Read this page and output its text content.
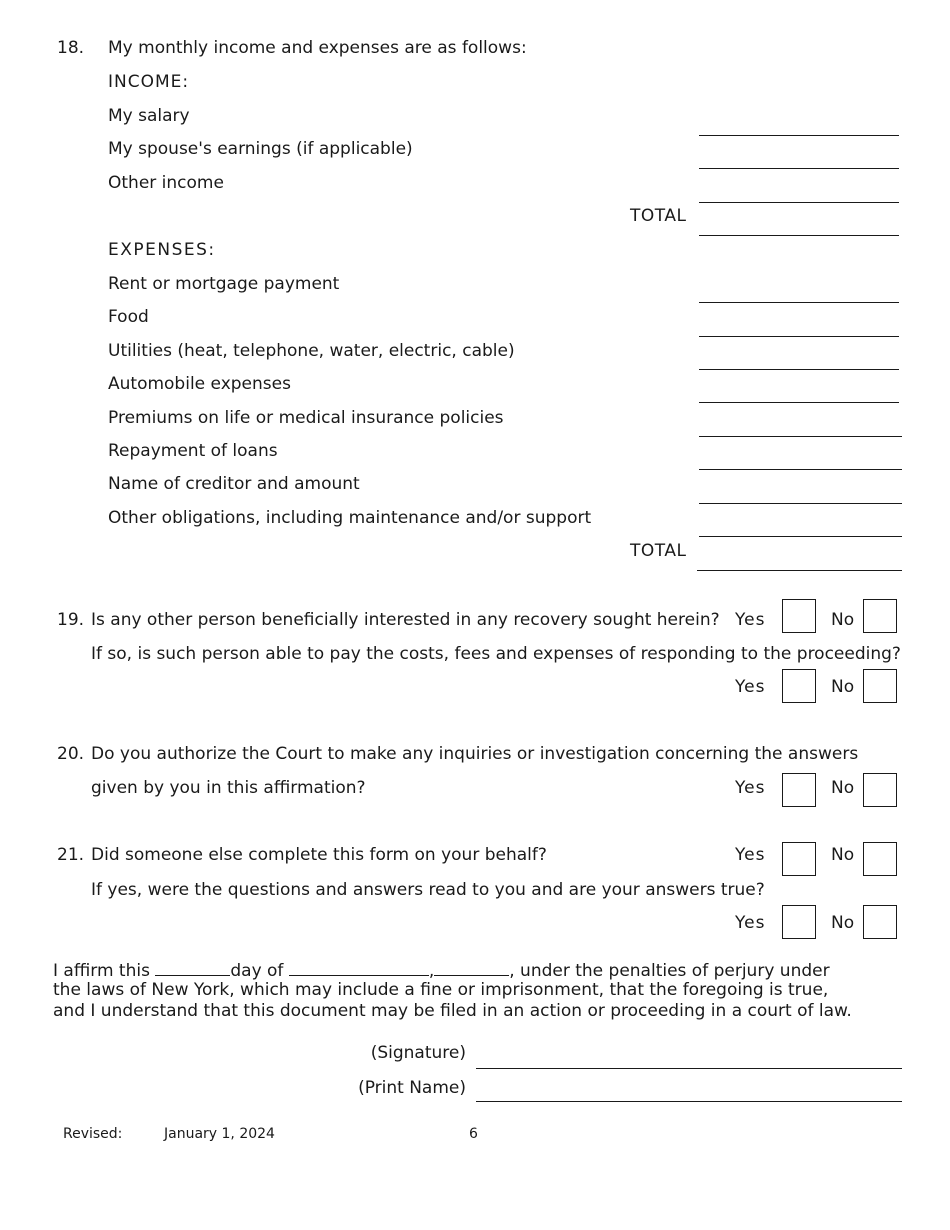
18. My monthly income and expenses are as follows:
INCOME:
My salary
My spouse's earnings (if applicable)
Other income
TOTAL
EXPENSES:
Rent or mortgage payment
Food
Utilities (heat, telephone, water, electric, cable)
Automobile expenses
Premiums on life or medical insurance policies
Repayment of loans
Name of creditor and amount
Other obligations, including maintenance and/or support
TOTAL
19. Is any other person beneficially interested in any recovery sought herein? Yes	No
If so, is such person able to pay the costs, fees and expenses of responding to the proceeding?
Yes	No
20. Do you authorize the Court to make any inquiries or investigation concerning the answers
given by you in this affirmation?	Yes	No
21. Did someone else complete this form on your behalf?	Yes	No
If yes, were the questions and answers read to you and are your answers true?
Yes	No
I affirm this	day of	,	, under the penalties of perjury under
the laws of New York, which may include a fine or imprisonment, that the foregoing is true,
and I understand that this document may be filed in an action or proceeding in a court of law.
(Signature)
(Print Name)
Revised:	January 1, 2024	6
